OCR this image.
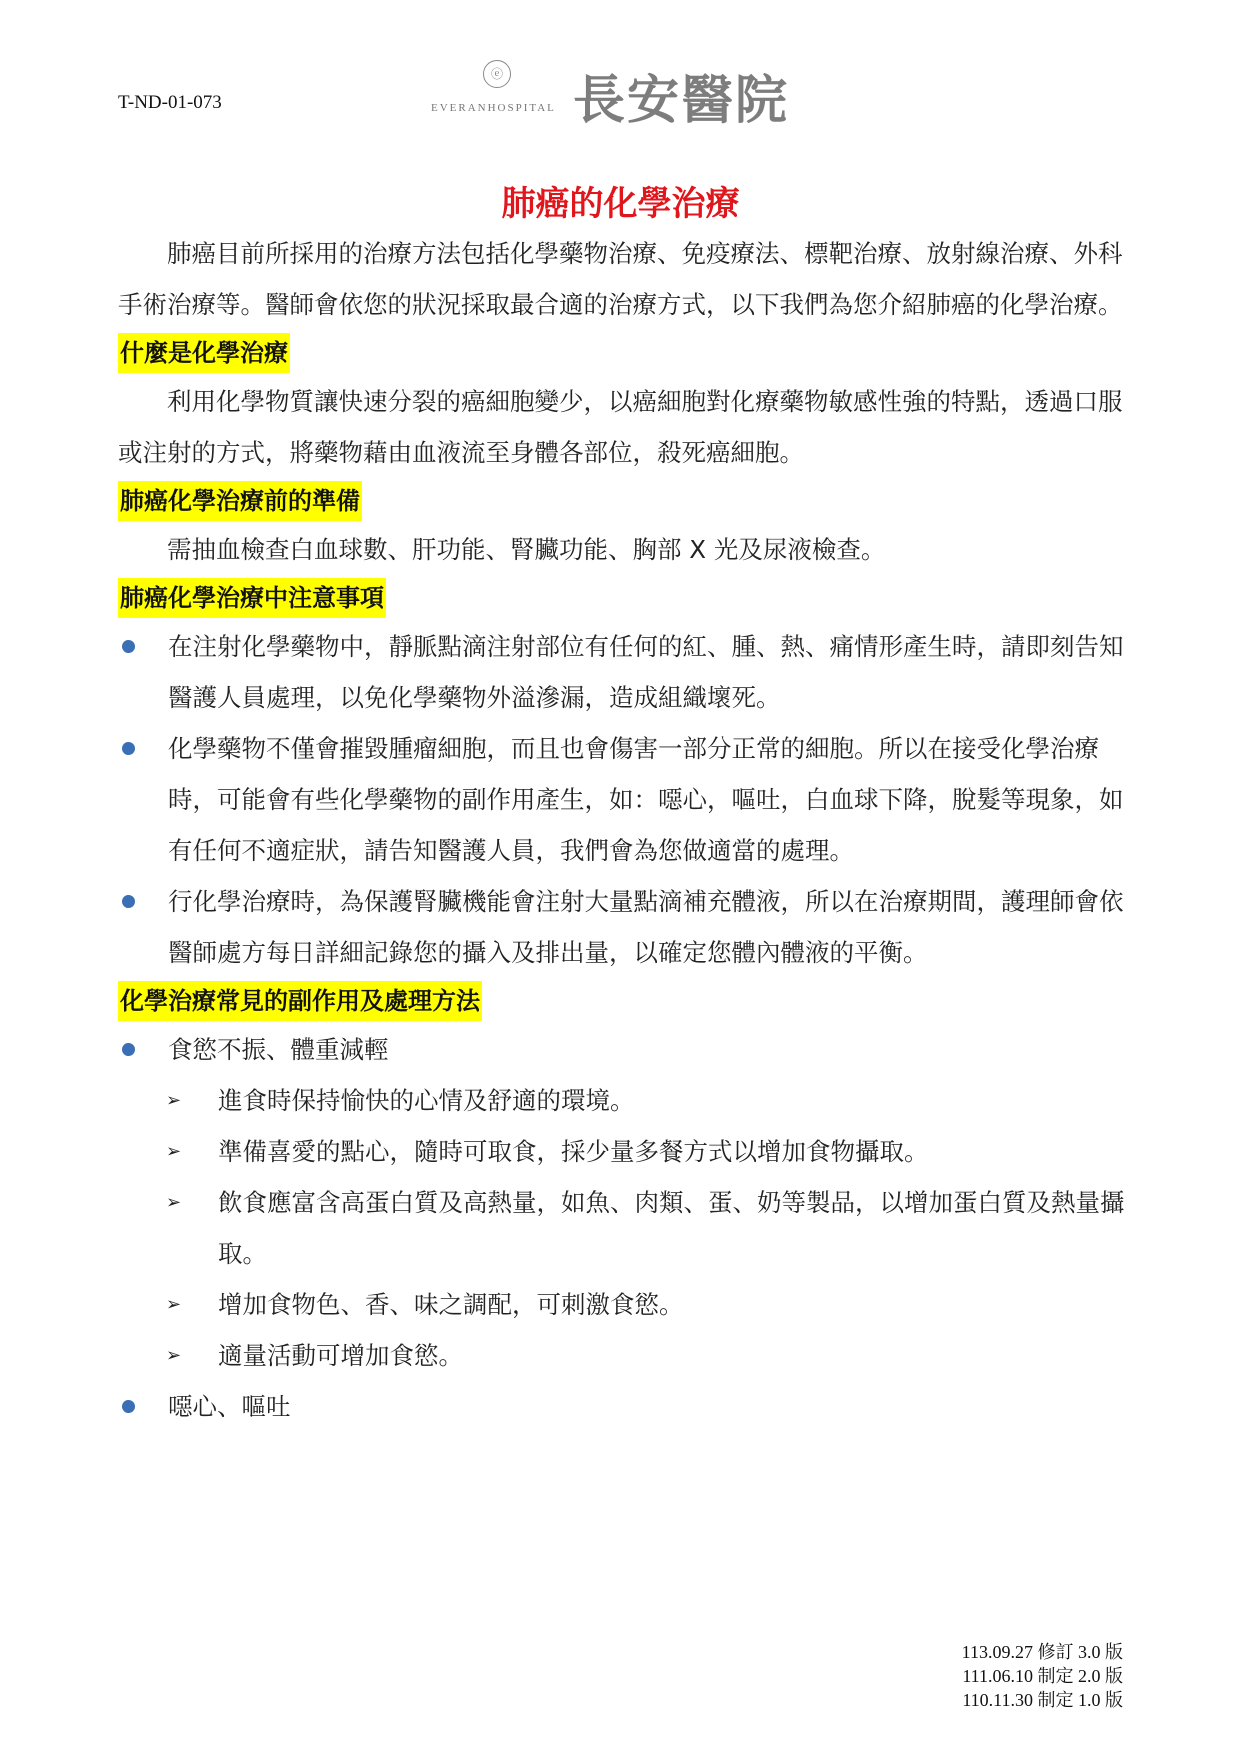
T-ND-01-073
ⓔ
EVERANHOSPITAL 長安醫院
肺癌的化學治療

肺癌目前所採用的治療方法包括化學藥物治療、免疫療法、標靶治療、放射線治療、外科手術治療等。醫師會依您的狀況採取最合適的治療方式，以下我們為您介紹肺癌的化學治療。

什麼是化學治療

利用化學物質讓快速分裂的癌細胞變少，以癌細胞對化療藥物敏感性強的特點，透過口服或注射的方式，將藥物藉由血液流至身體各部位，殺死癌細胞。

肺癌化學治療前的準備

需抽血檢查白血球數、肝功能、腎臟功能、胸部 X 光及尿液檢查。

肺癌化學治療中注意事項
在注射化學藥物中，靜脈點滴注射部位有任何的紅、腫、熱、痛情形產生時，請即刻告知醫護人員處理，以免化學藥物外溢滲漏，造成組織壞死。
化學藥物不僅會摧毀腫瘤細胞，而且也會傷害一部分正常的細胞。所以在接受化學治療時，可能會有些化學藥物的副作用產生，如：噁心，嘔吐，白血球下降，脫髮等現象，如有任何不適症狀，請告知醫護人員，我們會為您做適當的處理。
行化學治療時，為保護腎臟機能會注射大量點滴補充體液，所以在治療期間，護理師會依醫師處方每日詳細記錄您的攝入及排出量，以確定您體內體液的平衡。
化學治療常見的副作用及處理方法
食慾不振、體重減輕
➢ 進食時保持愉快的心情及舒適的環境。
➢ 準備喜愛的點心，隨時可取食，採少量多餐方式以增加食物攝取。
➢ 飲食應富含高蛋白質及高熱量，如魚、肉類、蛋、奶等製品，以增加蛋白質及熱量攝取。
➢ 增加食物色、香、味之調配，可刺激食慾。
➢ 適量活動可增加食慾。
噁心、嘔吐
113.09.27 修訂 3.0 版
111.06.10 制定 2.0 版
110.11.30 制定 1.0 版
